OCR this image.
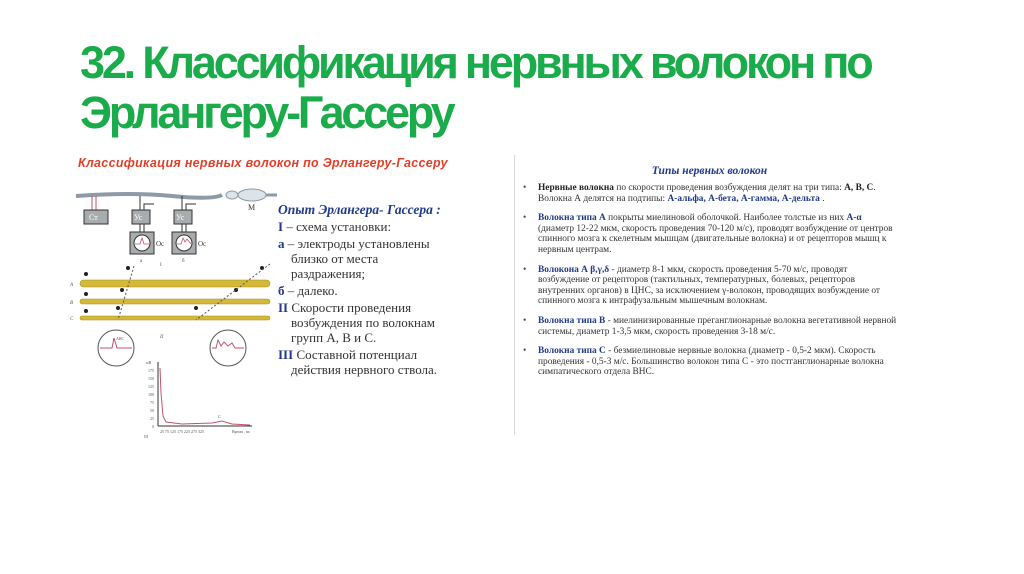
32. Классификация нервных волокон по Эрлангеру-Гассеру
Классификация нервных волокон по Эрлангеру-Гассеру
М
Ст	Ус
Ос
Ус
Ос
а	б
I
А
В
С
II
АВС
мВ
175
150
125
100
75
50
25
0
25 75 125 175 225 275 325	Время , мс
III
C
Опыт Эрлангера- Гассера :
I – схема установки:
а – электроды установлены близко от места раздражения;
б – далеко.
II Скорости проведения возбуждения по волокнам групп А, В и С.
III Составной потенциал действия нервного ствола.
Типы нервных волокон
• Нервные волокна по скорости проведения возбуждения делят на три типа: А, В, С. Волокна А делятся на подтипы: А-альфа, А-бета, А-гамма, А-дельта .
• Волокна типа А покрыты миелиновой оболочкой. Наиболее толстые из них А-α (диаметр 12-22 мкм, скорость проведения 70-120 м/с), проводят возбуждение от центров спинного мозга к скелетным мышцам (двигательные волокна) и от рецепторов мышц к нервным центрам.
• Волокона А β,γ,δ - диаметр 8-1 мкм, скорость проведения 5-70 м/с, проводят возбуждение от рецепторов (тактильных, температурных, болевых, рецепторов внутренних органов) в ЦНС, за исключением γ-волокон, проводящих возбуждение от спинного мозга к интрафузальным мышечным волокнам.
• Волокна типа В - миелинизированные преганглионарные волокна вегетативной нервной системы, диаметр 1-3,5 мкм, скорость проведения 3-18 м/с.
• Волокна типа С - безмиелиновые нервные волокна (диаметр - 0,5-2 мкм). Скорость проведения - 0,5-3 м/с. Большинство волокон типа С - это постганглионарные волокна симпатического отдела ВНС.
